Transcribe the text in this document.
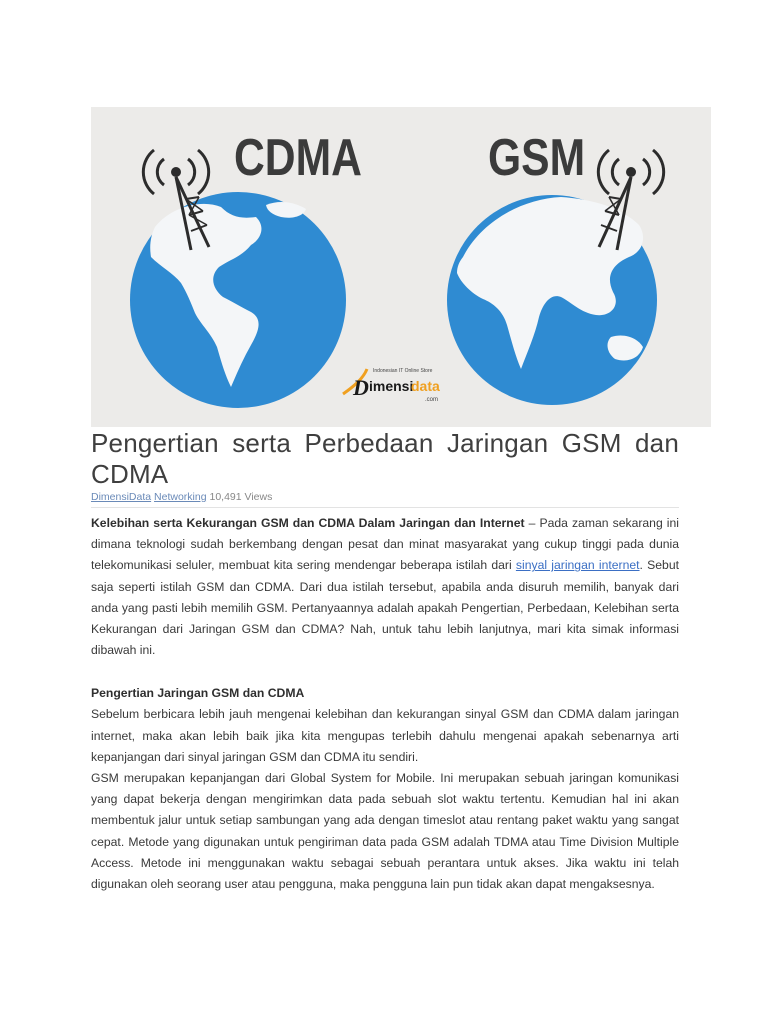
CDMA GSM
Indonesian IT Online Store
D imensi
data
.com
Pengertian serta Perbedaan Jaringan GSM dan CDMA
DimensiData Networking 10,491 Views

Kelebihan serta Kekurangan GSM dan CDMA Dalam Jaringan dan Internet – Pada zaman sekarang ini dimana teknologi sudah berkembang dengan pesat dan minat masyarakat yang cukup tinggi pada dunia telekomunikasi seluler, membuat kita sering mendengar beberapa istilah dari sinyal jaringan internet. Sebut saja seperti istilah GSM dan CDMA. Dari dua istilah tersebut, apabila anda disuruh memilih, banyak dari anda yang pasti lebih memilih GSM. Pertanyaannya adalah apakah Pengertian, Perbedaan, Kelebihan serta Kekurangan dari Jaringan GSM dan CDMA? Nah, untuk tahu lebih lanjutnya, mari kita simak informasi dibawah ini.

Pengertian Jaringan GSM dan CDMA

Sebelum berbicara lebih jauh mengenai kelebihan dan kekurangan sinyal GSM dan CDMA dalam jaringan internet, maka akan lebih baik jika kita mengupas terlebih dahulu mengenai apakah sebenarnya arti kepanjangan dari sinyal jaringan GSM dan CDMA itu sendiri.

GSM merupakan kepanjangan dari Global System for Mobile. Ini merupakan sebuah jaringan komunikasi yang dapat bekerja dengan mengirimkan data pada sebuah slot waktu tertentu. Kemudian hal ini akan membentuk jalur untuk setiap sambungan yang ada dengan timeslot atau rentang paket waktu yang sangat cepat. Metode yang digunakan untuk pengiriman data pada GSM adalah TDMA atau Time Division Multiple Access. Metode ini menggunakan waktu sebagai sebuah perantara untuk akses. Jika waktu ini telah digunakan oleh seorang user atau pengguna, maka pengguna lain pun tidak akan dapat mengaksesnya.
